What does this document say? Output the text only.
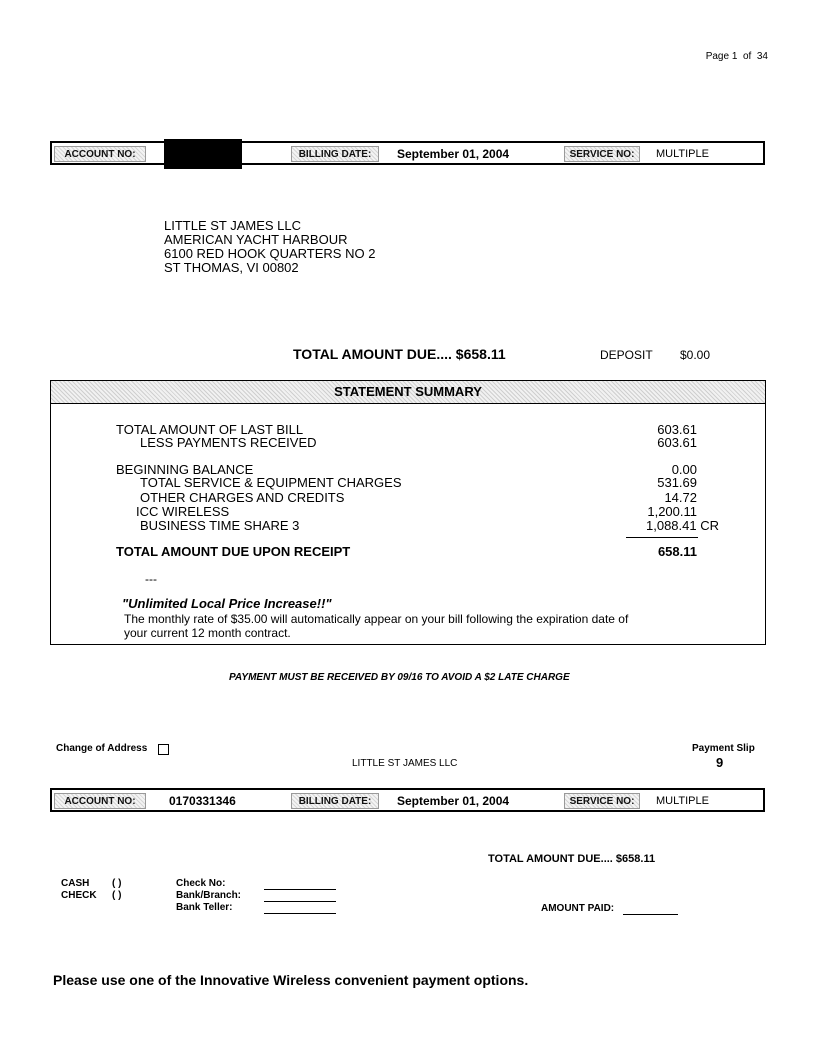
Page 1 of 34
ACCOUNT NO:	BILLING DATE:	September 01, 2004	SERVICE NO:	MULTIPLE
LITTLE ST JAMES LLC
AMERICAN YACHT HARBOUR
6100 RED HOOK QUARTERS NO 2
ST THOMAS, VI 00802
TOTAL AMOUNT DUE.... $658.11	DEPOSIT $0.00
STATEMENT SUMMARY
TOTAL AMOUNT OF LAST BILL	603.61
LESS PAYMENTS RECEIVED	603.61
BEGINNING BALANCE	0.00
TOTAL SERVICE & EQUIPMENT CHARGES	531.69
OTHER CHARGES AND CREDITS	14.72
ICC WIRELESS	1,200.11
BUSINESS TIME SHARE 3	1,088.41 CR
TOTAL AMOUNT DUE UPON RECEIPT	658.11
---
"Unlimited Local Price Increase!!"
The monthly rate of $35.00 will automatically appear on your bill following the expiration date of
your current 12 month contract.
PAYMENT MUST BE RECEIVED BY 09/16 TO AVOID A $2 LATE CHARGE
Change of Address
LITTLE ST JAMES LLC
Payment Slip
9
ACCOUNT NO:	0170331346	BILLING DATE:	September 01, 2004	SERVICE NO:	MULTIPLE
TOTAL AMOUNT DUE.... $658.11
CASH ( )
CHECK ( )
Check No:
Bank/Branch:
Bank Teller:	AMOUNT PAID:
Please use one of the Innovative Wireless convenient payment options.
